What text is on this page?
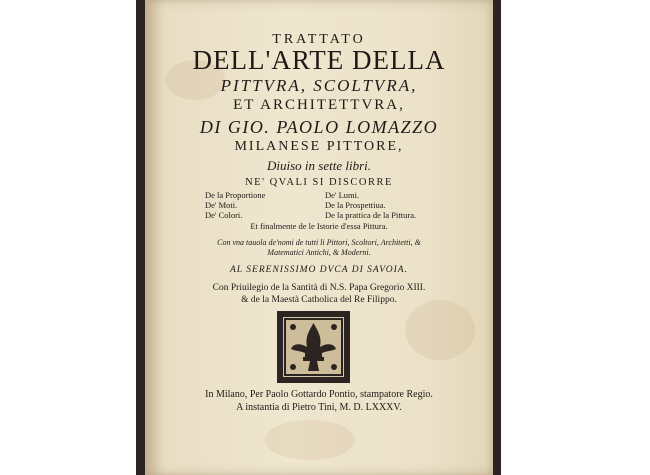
TRATTATO
DELL'ARTE DELLA
PITTVRA, SCOLTVRA,
ET ARCHITETTVRA,
DI GIO. PAOLO LOMAZZO
MILANESE PITTORE,
Diuiso in sette libri.
NE' QVALI SI DISCORRE
De la Proportione
De' Moti.
De' Colori.
De' Lumi.
De la Prospettiua.
De la prattica de la Pittura.
Et finalmente de le Istorie d'essa Pittura.
Con vna tauola de'nomi de tutti li Pittori, Scoltori, Architetti, &
Matematici Antichi, & Moderni.
AL SERENISSIMO DVCA DI SAVOIA.
Con Priuilegio de la Santità di N.S. Papa Gregorio XIII.
& de la Maestà Catholica del Re Filippo.
In Milano, Per Paolo Gottardo Pontio, stampatore Regio.
A instantia di Pietro Tini, M. D. LXXXV.
